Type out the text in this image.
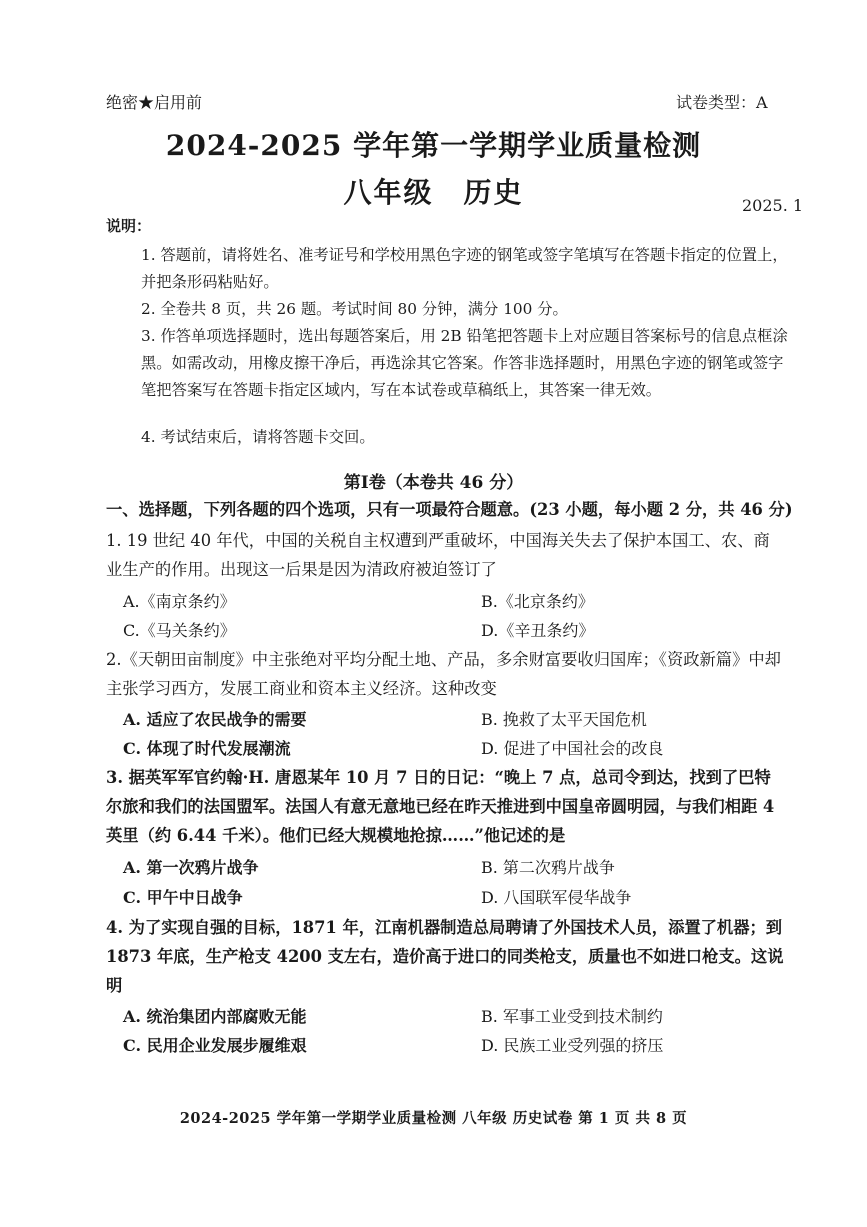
绝密★启用前	试卷类型：A
2024-2025 学年第一学期学业质量检测
八年级　历史	2025. 1
说明：
1. 答题前，请将姓名、准考证号和学校用黑色字迹的钢笔或签字笔填写在答题卡指定的位置上，并把条形码粘贴好。
2. 全卷共 8 页，共 26 题。考试时间 80 分钟，满分 100 分。
3. 作答单项选择题时，选出每题答案后，用 2B 铅笔把答题卡上对应题目答案标号的信息点框涂黑。如需改动，用橡皮擦干净后，再选涂其它答案。作答非选择题时，用黑色字迹的钢笔或签字笔把答案写在答题卡指定区域内，写在本试卷或草稿纸上，其答案一律无效。
4. 考试结束后，请将答题卡交回。
第Ⅰ卷（本卷共 46 分）
一、选择题，下列各题的四个选项，只有一项最符合题意。(23 小题，每小题 2 分，共 46 分)
1. 19 世纪 40 年代，中国的关税自主权遭到严重破坏，中国海关失去了保护本国工、农、商业生产的作用。出现这一后果是因为清政府被迫签订了
A.《南京条约》	B.《北京条约》
C.《马关条约》	D.《辛丑条约》
2.《天朝田亩制度》中主张绝对平均分配土地、产品，多余财富要收归国库；《资政新篇》中却主张学习西方，发展工商业和资本主义经济。这种改变
A. 适应了农民战争的需要	B. 挽救了太平天国危机
C. 体现了时代发展潮流	D. 促进了中国社会的改良
3. 据英军军官约翰·H. 唐恩某年 10 月 7 日的日记：“晚上 7 点，总司令到达，找到了巴特尔旅和我们的法国盟军。法国人有意无意地已经在昨天推进到中国皇帝圆明园，与我们相距 4 英里（约 6.44 千米）。他们已经大规模地抢掠……”他记述的是
A. 第一次鸦片战争	B. 第二次鸦片战争
C. 甲午中日战争	D. 八国联军侵华战争
4. 为了实现自强的目标，1871 年，江南机器制造总局聘请了外国技术人员，添置了机器；到 1873 年底，生产枪支 4200 支左右，造价高于进口的同类枪支，质量也不如进口枪支。这说明
A. 统治集团内部腐败无能	B. 军事工业受到技术制约
C. 民用企业发展步履维艰	D. 民族工业受列强的挤压
2024-2025 学年第一学期学业质量检测 八年级 历史试卷 第 1 页 共 8 页
